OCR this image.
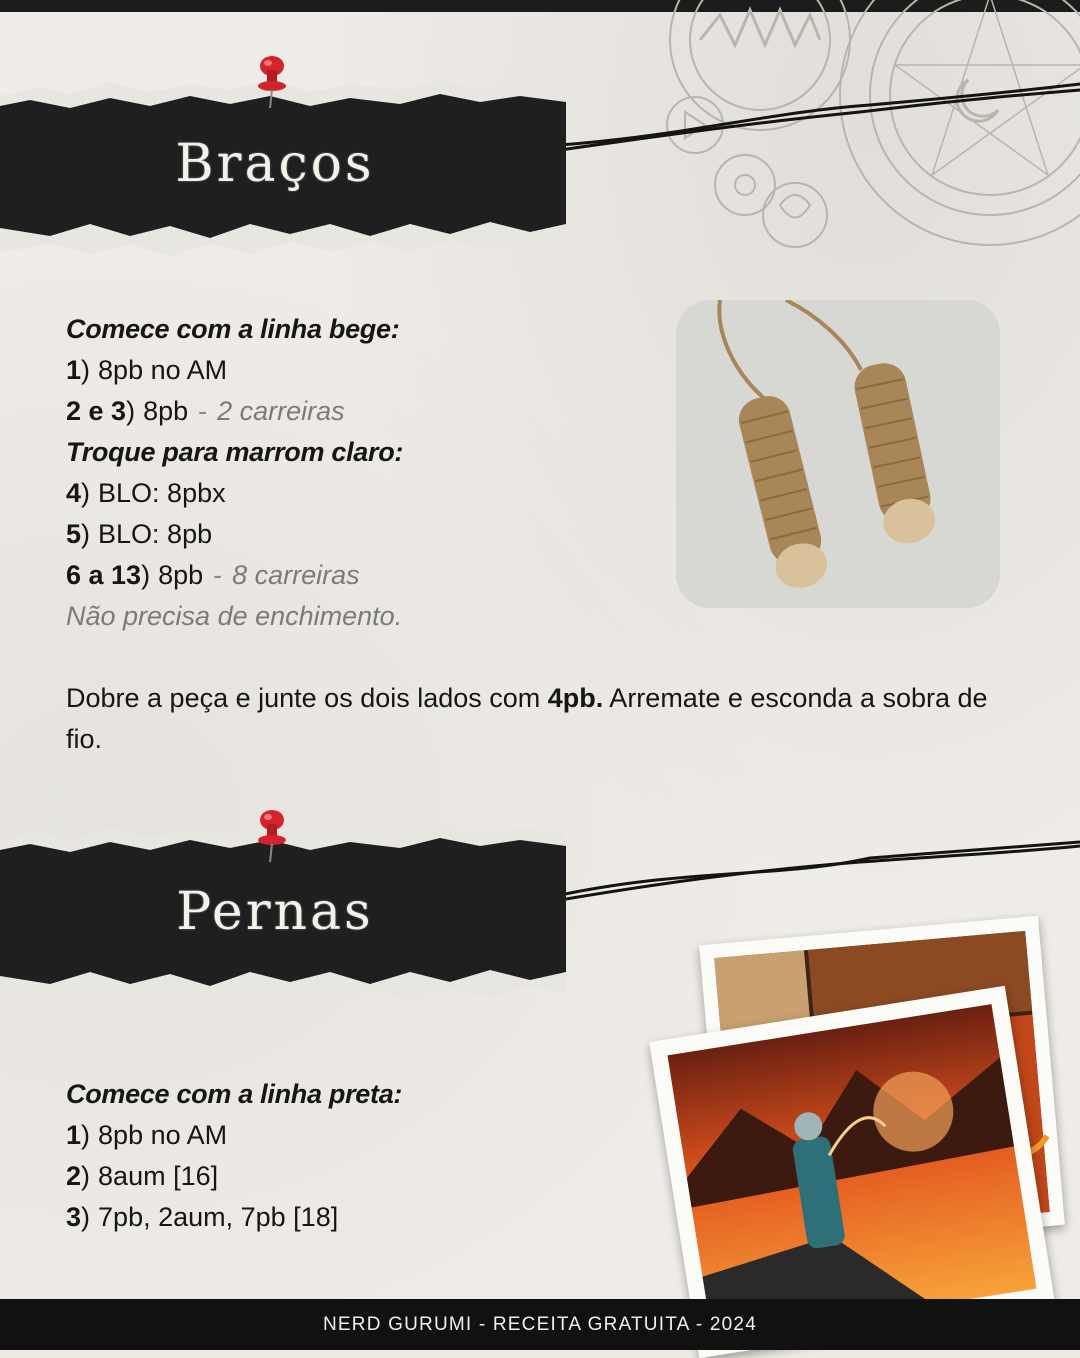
Braços

Comece com a linha bege:

1) 8pb no AM

2 e 3) 8pb - 2 carreiras

Troque para marrom claro:

4) BLO: 8pbx

5) BLO: 8pb

6 a 13) 8pb - 8 carreiras

Não precisa de enchimento.

Dobre a peça e junte os dois lados com 4pb. Arremate e esconda a sobra de fio.
Pernas

Comece com a linha preta:

1) 8pb no AM

2) 8aum [16]

3) 7pb, 2aum, 7pb [18]

NERD GURUMI - RECEITA GRATUITA - 2024
